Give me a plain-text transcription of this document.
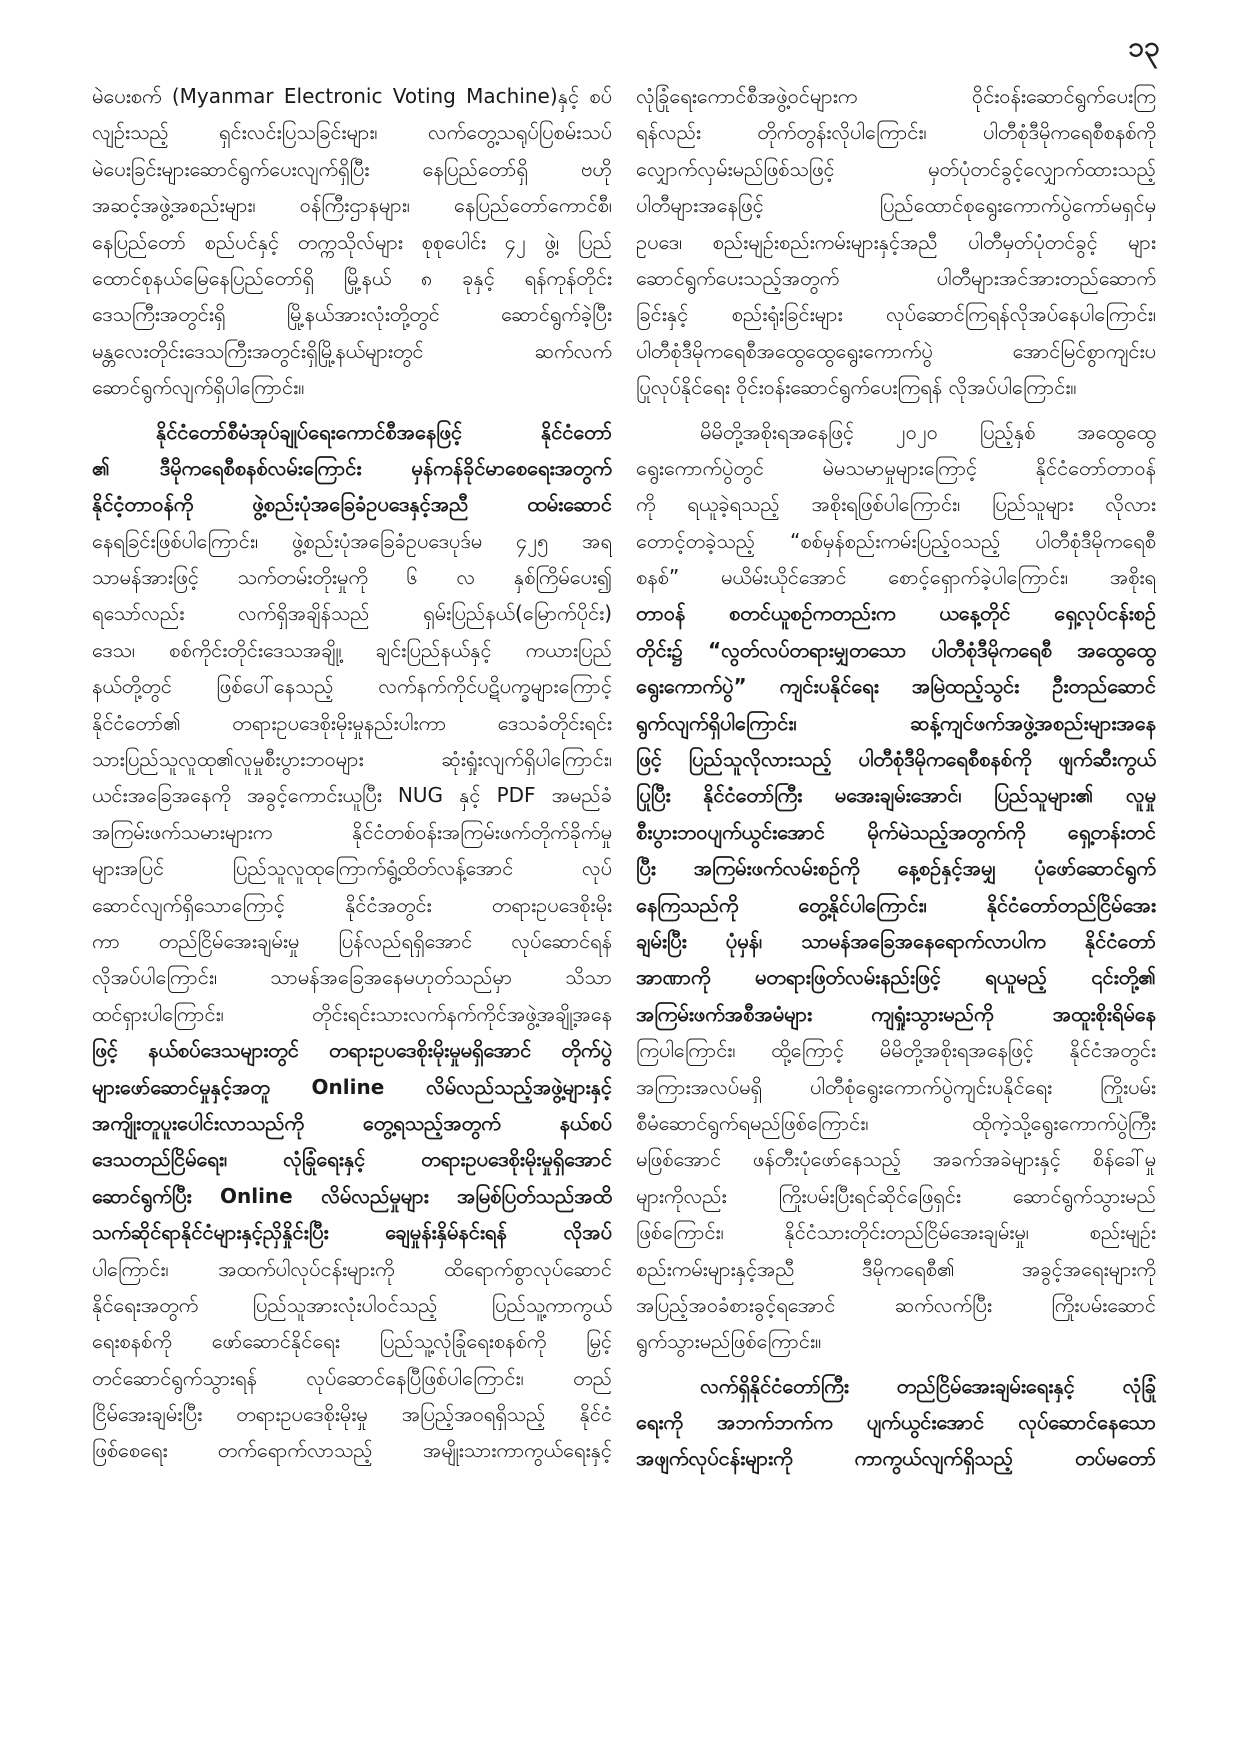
၁၃
မဲပေးစက် (Myanmar Electronic Voting Machine)နှင့် စပ်
လျဉ်းသည့် ရှင်းလင်းပြသခြင်းများ၊ လက်တွေ့သရုပ်ပြစမ်းသပ်
မဲပေးခြင်းများဆောင်ရွက်ပေးလျက်ရှိပြီး နေပြည်တော်ရှိ ဗဟို
အဆင့်အဖွဲ့အစည်းများ၊ ဝန်ကြီးဌာနများ၊ နေပြည်တော်ကောင်စီ၊
နေပြည်တော် စည်ပင်နှင့် တက္ကသိုလ်များ စုစုပေါင်း ၄၂ ဖွဲ့၊ ပြည်
ထောင်စုနယ်မြေနေပြည်တော်ရှိ မြို့နယ် ၈ ခုနှင့် ရန်ကုန်တိုင်း
ဒေသကြီးအတွင်းရှိ မြို့နယ်အားလုံးတို့တွင် ဆောင်ရွက်ခဲ့ပြီး
မန္တလေးတိုင်းဒေသကြီးအတွင်းရှိမြို့နယ်များတွင် ဆက်လက်
ဆောင်ရွက်လျက်ရှိပါကြောင်း။
နိုင်ငံတော်စီမံအုပ်ချုပ်ရေးကောင်စီအနေဖြင့် နိုင်ငံတော်
၏ ဒီမိုကရေစီစနစ်လမ်းကြောင်း မှန်ကန်ခိုင်မာစေရေးအတွက်
နိုင်ငံ့တာဝန်ကို ဖွဲ့စည်းပုံအခြေခံဥပဒေနှင့်အညီ ထမ်းဆောင်
နေရခြင်းဖြစ်ပါကြောင်း၊ ဖွဲ့စည်းပုံအခြေခံဥပဒေပုဒ်မ ၄၂၅ အရ
သာမန်အားဖြင့် သက်တမ်းတိုးမှုကို ၆ လ နှစ်ကြိမ်ပေး၍
ရသော်လည်း လက်ရှိအချိန်သည် ရှမ်းပြည်နယ်(မြောက်ပိုင်း)
ဒေသ၊ စစ်ကိုင်းတိုင်းဒေသအချို့၊ ချင်းပြည်နယ်နှင့် ကယားပြည်
နယ်တို့တွင် ဖြစ်ပေါ်နေသည့် လက်နက်ကိုင်ပဋိပက္ခများကြောင့်
နိုင်ငံတော်၏ တရားဥပဒေစိုးမိုးမှုနည်းပါးကာ ဒေသခံတိုင်းရင်း
သားပြည်သူလူထု၏လူမှုစီးပွားဘဝများ ဆုံးရှုံးလျက်ရှိပါကြောင်း၊
ယင်းအခြေအနေကို အခွင့်ကောင်းယူပြီး NUG နှင့် PDF အမည်ခံ
အကြမ်းဖက်သမားများက နိုင်ငံတစ်ဝန်းအကြမ်းဖက်တိုက်ခိုက်မှု
များအပြင် ပြည်သူလူထုကြောက်ရွံ့ထိတ်လန့်အောင် လုပ်
ဆောင်လျက်ရှိသောကြောင့် နိုင်ငံအတွင်း တရားဥပဒေစိုးမိုး
ကာ တည်ငြိမ်အေးချမ်းမှု ပြန်လည်ရရှိအောင် လုပ်ဆောင်ရန်
လိုအပ်ပါကြောင်း၊ သာမန်အခြေအနေမဟုတ်သည်မှာ သိသာ
ထင်ရှားပါကြောင်း၊ တိုင်းရင်းသားလက်နက်ကိုင်အဖွဲ့အချို့အနေ
ဖြင့် နယ်စပ်ဒေသများတွင် တရားဥပဒေစိုးမိုးမှုမရှိအောင် တိုက်ပွဲ
များဖော်ဆောင်မှုနှင့်အတူ Online လိမ်လည်သည့်အဖွဲ့များနှင့်
အကျိုးတူပူးပေါင်းလာသည်ကို တွေ့ရသည့်အတွက် နယ်စပ်
ဒေသတည်ငြိမ်ရေး၊ လုံခြုံရေးနှင့် တရားဥပဒေစိုးမိုးမှုရှိအောင်
ဆောင်ရွက်ပြီး Online လိမ်လည်မှုများ အမြစ်ပြတ်သည်အထိ
သက်ဆိုင်ရာနိုင်ငံများနှင့်ညှိနှိုင်းပြီး ချေမှုန်းနှိမ်နင်းရန် လိုအပ်
ပါကြောင်း၊ အထက်ပါလုပ်ငန်းများကို ထိရောက်စွာလုပ်ဆောင်
နိုင်ရေးအတွက် ပြည်သူအားလုံးပါဝင်သည့် ပြည်သူ့ကာကွယ်
ရေးစနစ်ကို ဖော်ဆောင်နိုင်ရေး ပြည်သူ့လုံခြုံရေးစနစ်ကို မြှင့်
တင်ဆောင်ရွက်သွားရန် လုပ်ဆောင်နေပြီဖြစ်ပါကြောင်း၊ တည်
ငြိမ်အေးချမ်းပြီး တရားဥပဒေစိုးမိုးမှု အပြည့်အဝရရှိသည့် နိုင်ငံ
ဖြစ်စေရေး တက်ရောက်လာသည့် အမျိုးသားကာကွယ်ရေးနှင့်
လုံခြုံရေးကောင်စီအဖွဲ့ဝင်များက ဝိုင်းဝန်းဆောင်ရွက်ပေးကြ
ရန်လည်း တိုက်တွန်းလိုပါကြောင်း၊ ပါတီစုံဒီမိုကရေစီစနစ်ကို
လျှောက်လှမ်းမည်ဖြစ်သဖြင့် မှတ်ပုံတင်ခွင့်လျှောက်ထားသည့်
ပါတီများအနေဖြင့် ပြည်ထောင်စုရွေးကောက်ပွဲကော်မရှင်မှ
ဥပဒေ၊ စည်းမျဉ်းစည်းကမ်းများနှင့်အညီ ပါတီမှတ်ပုံတင်ခွင့် များ
ဆောင်ရွက်ပေးသည့်အတွက် ပါတီများအင်အားတည်ဆောက်
ခြင်းနှင့် စည်းရုံးခြင်းများ လုပ်ဆောင်ကြရန်လိုအပ်နေပါကြောင်း၊
ပါတီစုံဒီမိုကရေစီအထွေထွေရွေးကောက်ပွဲ အောင်မြင်စွာကျင်းပ
ပြုလုပ်နိုင်ရေး ဝိုင်းဝန်းဆောင်ရွက်ပေးကြရန် လိုအပ်ပါကြောင်း။
မိမိတို့အစိုးရအနေဖြင့် ၂၀၂၀ ပြည့်နှစ် အထွေထွေ
ရွေးကောက်ပွဲတွင် မဲမသမာမှုများကြောင့် နိုင်ငံတော်တာဝန်
ကို ရယူခဲ့ရသည့် အစိုးရဖြစ်ပါကြောင်း၊ ပြည်သူများ လိုလား
တောင့်တခဲ့သည့် “စစ်မှန်စည်းကမ်းပြည့်ဝသည့် ပါတီစုံဒီမိုကရေစီ
စနစ်” မယိမ်းယိုင်အောင် စောင့်ရှောက်ခဲ့ပါကြောင်း၊ အစိုးရ
တာဝန် စတင်ယူစဉ်ကတည်းက ယနေ့တိုင် ရှေ့လုပ်ငန်းစဉ်
တိုင်း၌ “လွတ်လပ်တရားမျှတသော ပါတီစုံဒီမိုကရေစီ အထွေထွေ
ရွေးကောက်ပွဲ” ကျင်းပနိုင်ရေး အမြဲထည့်သွင်း ဦးတည်ဆောင်
ရွက်လျက်ရှိပါကြောင်း၊ ဆန့်ကျင်ဖက်အဖွဲ့အစည်းများအနေ
ဖြင့် ပြည်သူလိုလားသည့် ပါတီစုံဒီမိုကရေစီစနစ်ကို ဖျက်ဆီးကွယ်
ပြုပြီး နိုင်ငံတော်ကြီး မအေးချမ်းအောင်၊ ပြည်သူများ၏ လူမှု
စီးပွားဘဝပျက်ယွင်းအောင် မိုက်မဲသည့်အတွက်ကို ရှေ့တန်းတင်
ပြီး အကြမ်းဖက်လမ်းစဉ်ကို နေ့စဉ်နှင့်အမျှ ပုံဖော်ဆောင်ရွက်
နေကြသည်ကို တွေ့နိုင်ပါကြောင်း၊ နိုင်ငံတော်တည်ငြိမ်အေး
ချမ်းပြီး ပုံမှန်၊ သာမန်အခြေအနေရောက်လာပါက နိုင်ငံတော်
အာဏာကို မတရားဖြတ်လမ်းနည်းဖြင့် ရယူမည့် ၎င်းတို့၏
အကြမ်းဖက်အစီအမံများ ကျရှုံးသွားမည်ကို အထူးစိုးရိမ်နေ
ကြပါကြောင်း၊ ထို့ကြောင့် မိမိတို့အစိုးရအနေဖြင့် နိုင်ငံအတွင်း
အကြားအလပ်မရှိ ပါတီစုံရွေးကောက်ပွဲကျင်းပနိုင်ရေး ကြိုးပမ်း
စီမံဆောင်ရွက်ရမည်ဖြစ်ကြောင်း၊ ထိုကဲ့သို့ရွေးကောက်ပွဲကြီး
မဖြစ်အောင် ဖန်တီးပုံဖော်နေသည့် အခက်အခဲများနှင့် စိန်ခေါ်မှု
များကိုလည်း ကြိုးပမ်းပြီးရင်ဆိုင်ဖြေရှင်း ဆောင်ရွက်သွားမည်
ဖြစ်ကြောင်း၊ နိုင်ငံသားတိုင်းတည်ငြိမ်အေးချမ်းမှု၊ စည်းမျဉ်း
စည်းကမ်းများနှင့်အညီ ဒီမိုကရေစီ၏ အခွင့်အရေးများကို
အပြည့်အဝခံစားခွင့်ရအောင် ဆက်လက်ပြီး ကြိုးပမ်းဆောင်
ရွက်သွားမည်ဖြစ်ကြောင်း။
လက်ရှိနိုင်ငံတော်ကြီး တည်ငြိမ်အေးချမ်းရေးနှင့် လုံခြုံ
ရေးကို အဘက်ဘက်က ပျက်ယွင်းအောင် လုပ်ဆောင်နေသော
အဖျက်လုပ်ငန်းများကို ကာကွယ်လျက်ရှိသည့် တပ်မတော်
